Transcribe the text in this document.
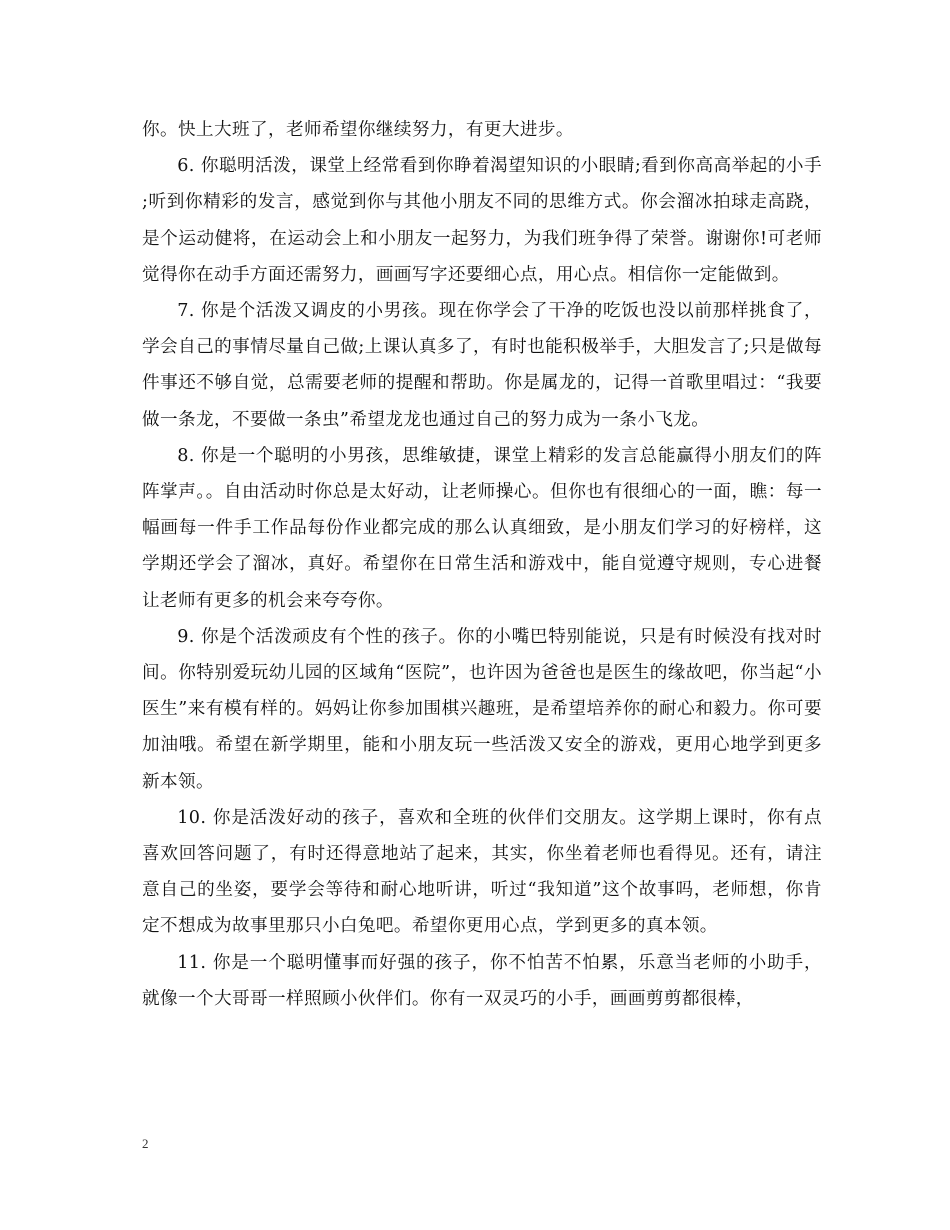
你。快上大班了，老师希望你继续努力，有更大进步。

6. 你聪明活泼，课堂上经常看到你睁着渴望知识的小眼睛;看到你高高举起的小手;听到你精彩的发言，感觉到你与其他小朋友不同的思维方式。你会溜冰拍球走高跷，是个运动健将，在运动会上和小朋友一起努力，为我们班争得了荣誉。谢谢你!可老师觉得你在动手方面还需努力，画画写字还要细心点，用心点。相信你一定能做到。

7. 你是个活泼又调皮的小男孩。现在你学会了干净的吃饭也没以前那样挑食了，学会自己的事情尽量自己做;上课认真多了，有时也能积极举手，大胆发言了;只是做每件事还不够自觉，总需要老师的提醒和帮助。你是属龙的，记得一首歌里唱过：“我要做一条龙，不要做一条虫”希望龙龙也通过自己的努力成为一条小飞龙。

8. 你是一个聪明的小男孩，思维敏捷，课堂上精彩的发言总能赢得小朋友们的阵阵掌声。。自由活动时你总是太好动，让老师操心。但你也有很细心的一面，瞧：每一幅画每一件手工作品每份作业都完成的那么认真细致，是小朋友们学习的好榜样，这学期还学会了溜冰，真好。希望你在日常生活和游戏中，能自觉遵守规则，专心进餐让老师有更多的机会来夸夸你。

9. 你是个活泼顽皮有个性的孩子。你的小嘴巴特别能说，只是有时候没有找对时间。你特别爱玩幼儿园的区域角“医院”，也许因为爸爸也是医生的缘故吧，你当起“小医生”来有模有样的。妈妈让你参加围棋兴趣班，是希望培养你的耐心和毅力。你可要加油哦。希望在新学期里，能和小朋友玩一些活泼又安全的游戏，更用心地学到更多新本领。

10. 你是活泼好动的孩子，喜欢和全班的伙伴们交朋友。这学期上课时，你有点喜欢回答问题了，有时还得意地站了起来，其实，你坐着老师也看得见。还有，请注意自己的坐姿，要学会等待和耐心地听讲，听过“我知道”这个故事吗，老师想，你肯定不想成为故事里那只小白兔吧。希望你更用心点，学到更多的真本领。

11. 你是一个聪明懂事而好强的孩子，你不怕苦不怕累，乐意当老师的小助手，就像一个大哥哥一样照顾小伙伴们。你有一双灵巧的小手，画画剪剪都很棒，

2
